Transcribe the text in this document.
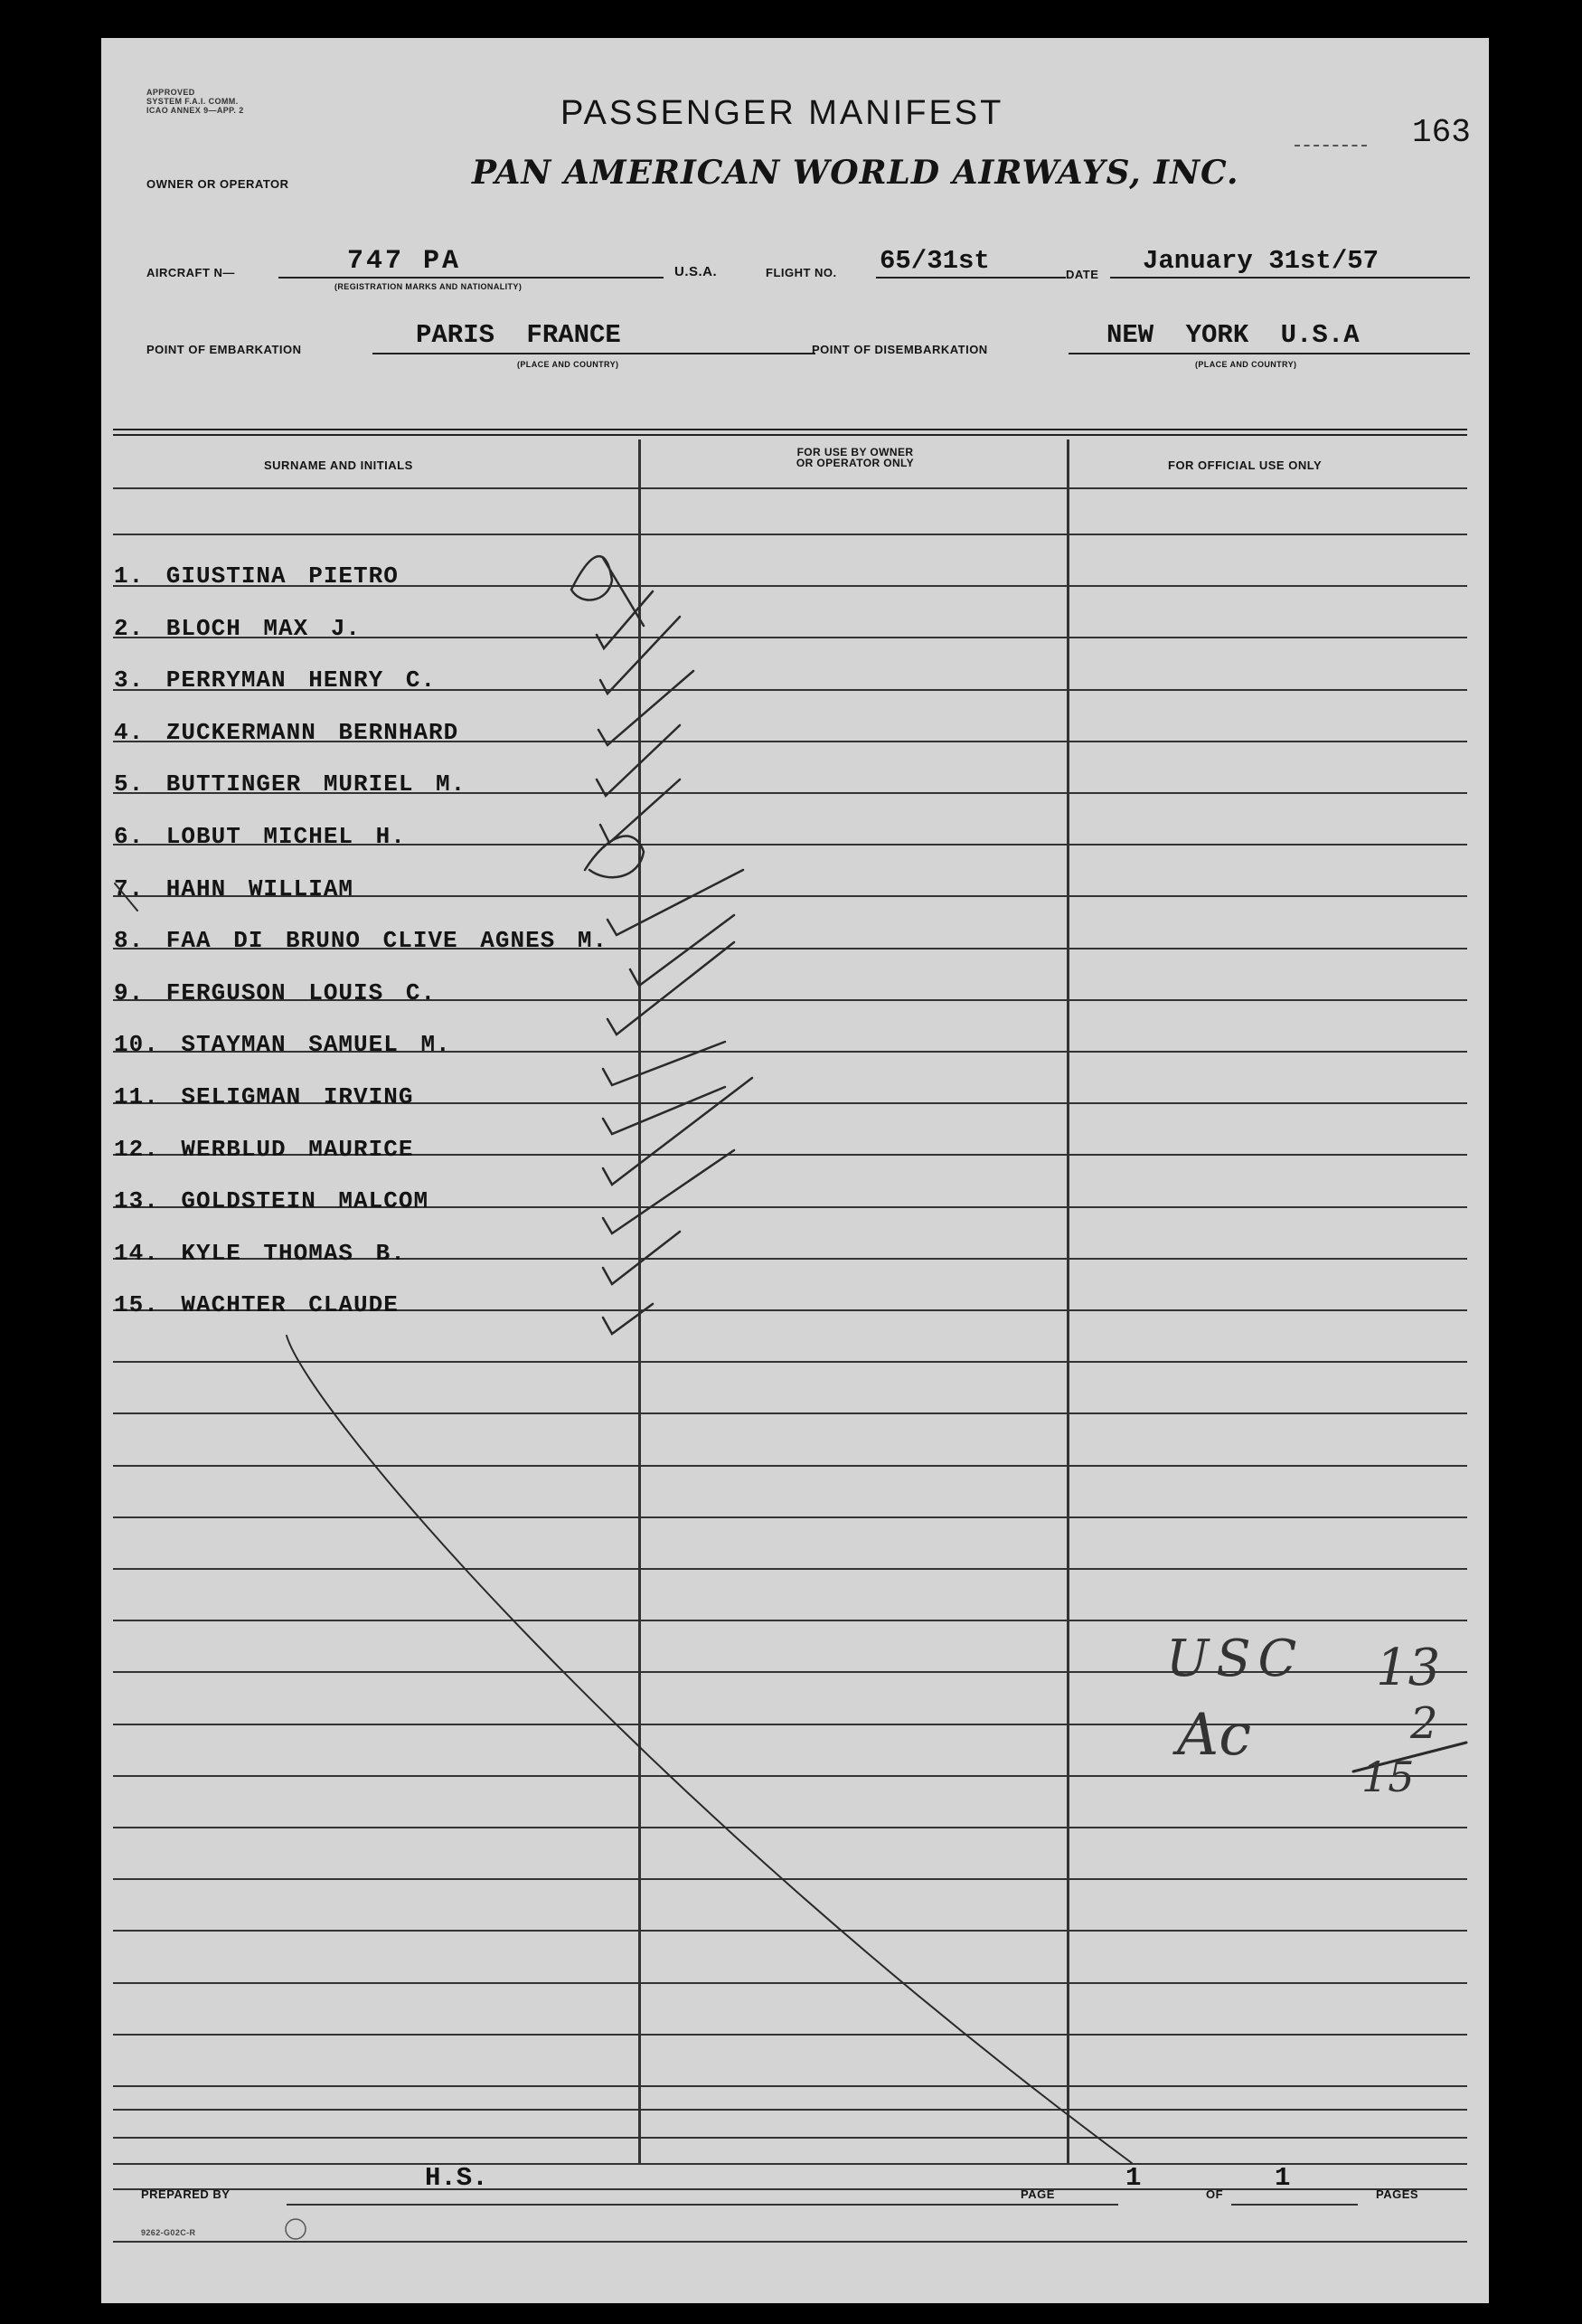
APPROVED
SYSTEM F.A.I. COMM.
ICAO ANNEX 9—APP. 2	PASSENGER MANIFEST
163
OWNER OR OPERATOR	PAN AMERICAN WORLD AIRWAYS, INC.
AIRCRAFT N—	747 PA
(REGISTRATION MARKS AND NATIONALITY)
U.S.A.	FLIGHT NO. 65/31st	DATE January 31st/57
POINT OF EMBARKATION	PARIS FRANCE
(PLACE AND COUNTRY)
POINT OF DISEMBARKATION	NEW YORK U.S.A
(PLACE AND COUNTRY)
SURNAME AND INITIALS
FOR USE BY OWNER
OR OPERATOR ONLY	FOR OFFICIAL USE ONLY
1. GIUSTINA PIETRO
2. BLOCH MAX J.
3. PERRYMAN HENRY C.
4. ZUCKERMANN BERNHARD
5. BUTTINGER MURIEL M.
6. LOBUT MICHEL H.
7. HAHN WILLIAM
8. FAA DI BRUNO CLIVE AGNES M.
9. FERGUSON LOUIS C.
10. STAYMAN SAMUEL M.
11. SELIGMAN IRVING
12. WERBLUD MAURICE
13. GOLDSTEIN MALCOM
14. KYLE THOMAS B.
15. WACHTER CLAUDE
USC 13
Ac	2
15
PREPARED BY
H.S.
PAGE
1
OF
1
PAGES
9262-G02C-R
